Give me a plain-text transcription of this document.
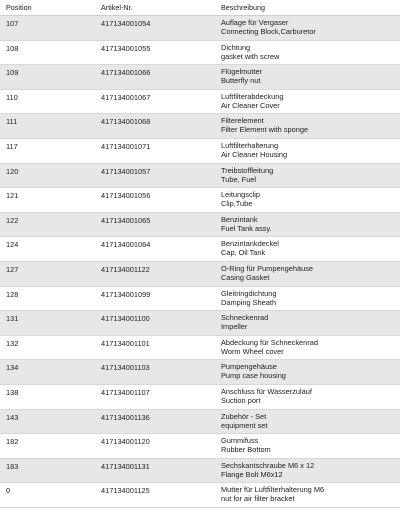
Position	Artikel-Nr.	Beschreibung
107	417134001054	Auflage für Vergaser
Connecting Block,Carburetor
108	417134001055	Dichtung
gasket with screw
109	417134001066	Flügelmutter
Butterfly nut
110	417134001067	Luftfilterabdeckung
Air Cleaner Cover
111	417134001068	Filterelement
Filter Element with sponge
117	417134001071	Luftfilterhalterung
Air Cleaner Housing
120	417134001057	Treibstoffleitung
Tube, Fuel
121	417134001056	Leitungsclip
Clip,Tube
122	417134001065	Benzintank
Fuel Tank assy.
124	417134001064	Benzintankdeckel
Cap, Oil Tank
127	417134001122	O-Ring für Pumpengehäuse
Casing Gasket
128	417134001099	Gleitringdichtung
Damping Sheath
131	417134001100	Schneckenrad
Impeller
132	417134001101	Abdeckung für Schneckenrad
Worm Wheel cover
134	417134001103	Pumpengehäuse
Pump case housing
138	417134001107	Anschluss für Wasserzulauf
Suction port
143	417134001136	Zubehör - Set
equipment set
182	417134001120	Gummifuss
Rubber Bottom
183	417134001131	Sechskantschraube M6 x 12
Flange Bolt M6x12
0	417134001125	Mutter für Luftfilterhalterung M6
nut for air filter bracket
